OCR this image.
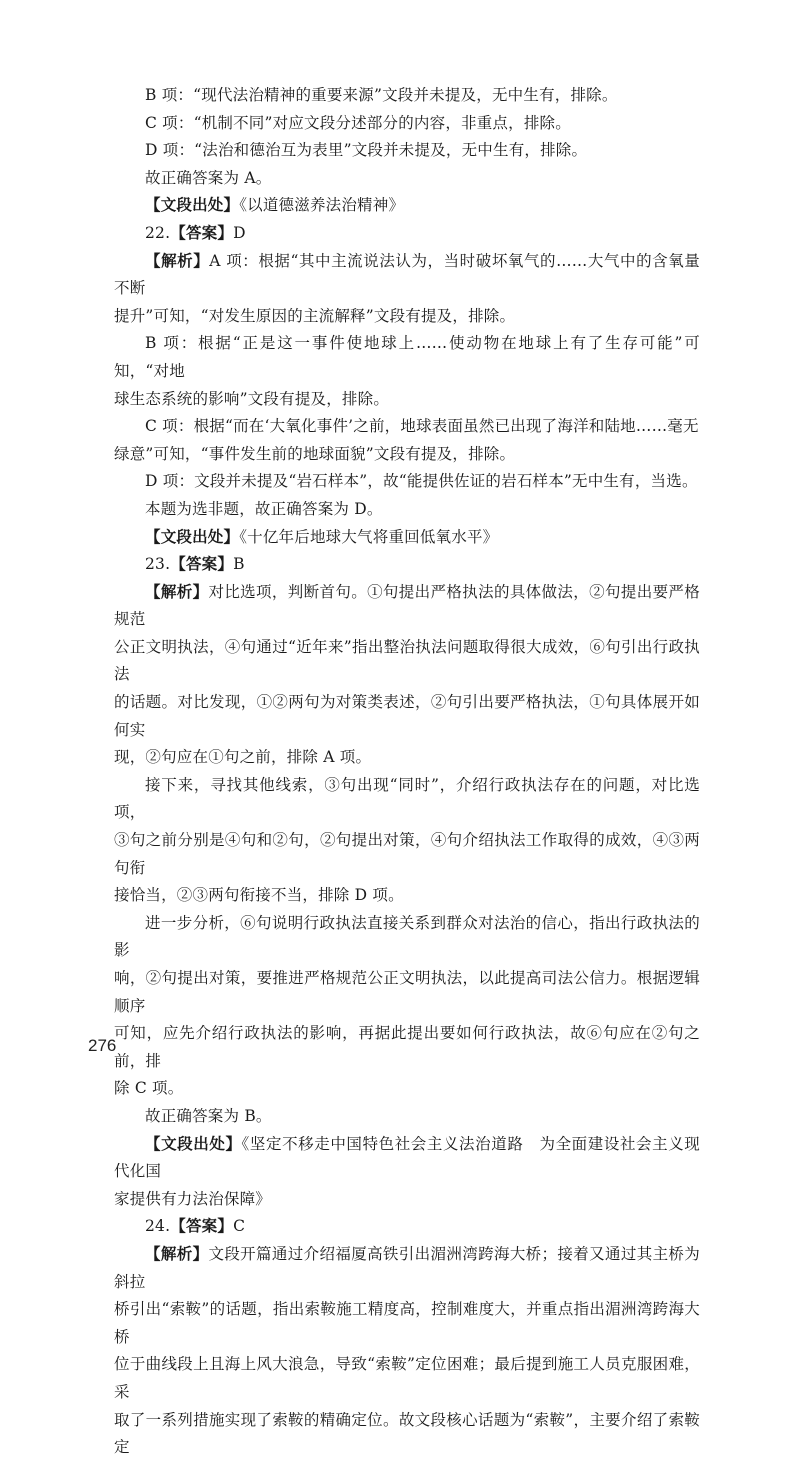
B 项：“现代法治精神的重要来源”文段并未提及，无中生有，排除。

C 项：“机制不同”对应文段分述部分的内容，非重点，排除。

D 项：“法治和德治互为表里”文段并未提及，无中生有，排除。

故正确答案为 A。

【文段出处】《以道德滋养法治精神》

22.【答案】D

【解析】A 项：根据“其中主流说法认为，当时破坏氧气的……大气中的含氧量不断

提升”可知，“对发生原因的主流解释”文段有提及，排除。

B 项：根据“正是这一事件使地球上……使动物在地球上有了生存可能”可知，“对地

球生态系统的影响”文段有提及，排除。

C 项：根据“而在‘大氧化事件’之前，地球表面虽然已出现了海洋和陆地……毫无

绿意”可知，“事件发生前的地球面貌”文段有提及，排除。

D 项：文段并未提及“岩石样本”，故“能提供佐证的岩石样本”无中生有，当选。

本题为选非题，故正确答案为 D。

【文段出处】《十亿年后地球大气将重回低氧水平》

23.【答案】B

【解析】对比选项，判断首句。①句提出严格执法的具体做法，②句提出要严格规范

公正文明执法，④句通过“近年来”指出整治执法问题取得很大成效，⑥句引出行政执法

的话题。对比发现，①②两句为对策类表述，②句引出要严格执法，①句具体展开如何实

现，②句应在①句之前，排除 A 项。

接下来，寻找其他线索，③句出现“同时”，介绍行政执法存在的问题，对比选项，

③句之前分别是④句和②句，②句提出对策，④句介绍执法工作取得的成效，④③两句衔

接恰当，②③两句衔接不当，排除 D 项。

进一步分析，⑥句说明行政执法直接关系到群众对法治的信心，指出行政执法的影

响，②句提出对策，要推进严格规范公正文明执法，以此提高司法公信力。根据逻辑顺序

可知，应先介绍行政执法的影响，再据此提出要如何行政执法，故⑥句应在②句之前，排

除 C 项。

故正确答案为 B。

【文段出处】《坚定不移走中国特色社会主义法治道路　为全面建设社会主义现代化国

家提供有力法治保障》

24.【答案】C

【解析】文段开篇通过介绍福厦高铁引出湄洲湾跨海大桥；接着又通过其主桥为斜拉

桥引出“索鞍”的话题，指出索鞍施工精度高，控制难度大，并重点指出湄洲湾跨海大桥

位于曲线段上且海上风大浪急，导致“索鞍”定位困难；最后提到施工人员克服困难，采

取了一系列措施实现了索鞍的精确定位。故文段核心话题为“索鞍”，主要介绍了索鞍定

276
